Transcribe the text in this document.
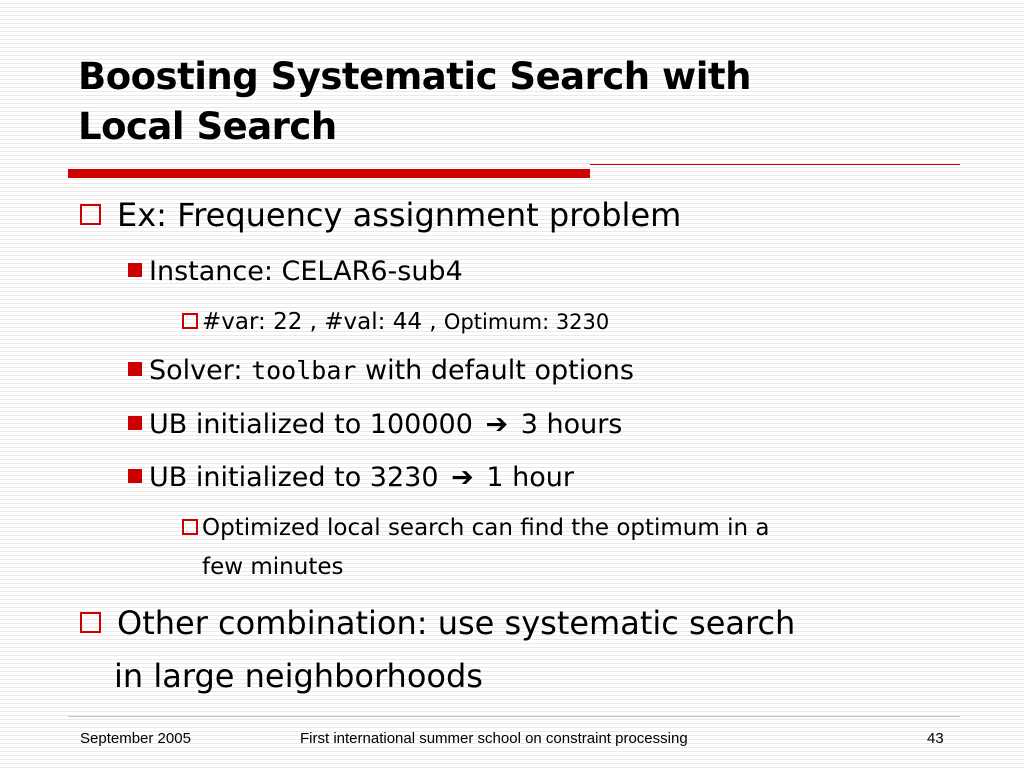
Boosting Systematic Search with
Local Search
Ex: Frequency assignment problem
Instance: CELAR6-sub4
#var: 22 , #val: 44 , Optimum: 3230
Solver: toolbar with default options
UB initialized to 100000 ➔ 3 hours
UB initialized to 3230 ➔ 1 hour
Optimized local search can find the optimum in a
few minutes
Other combination: use systematic search
in large neighborhoods
September 2005	First international summer school on constraint processing	43
